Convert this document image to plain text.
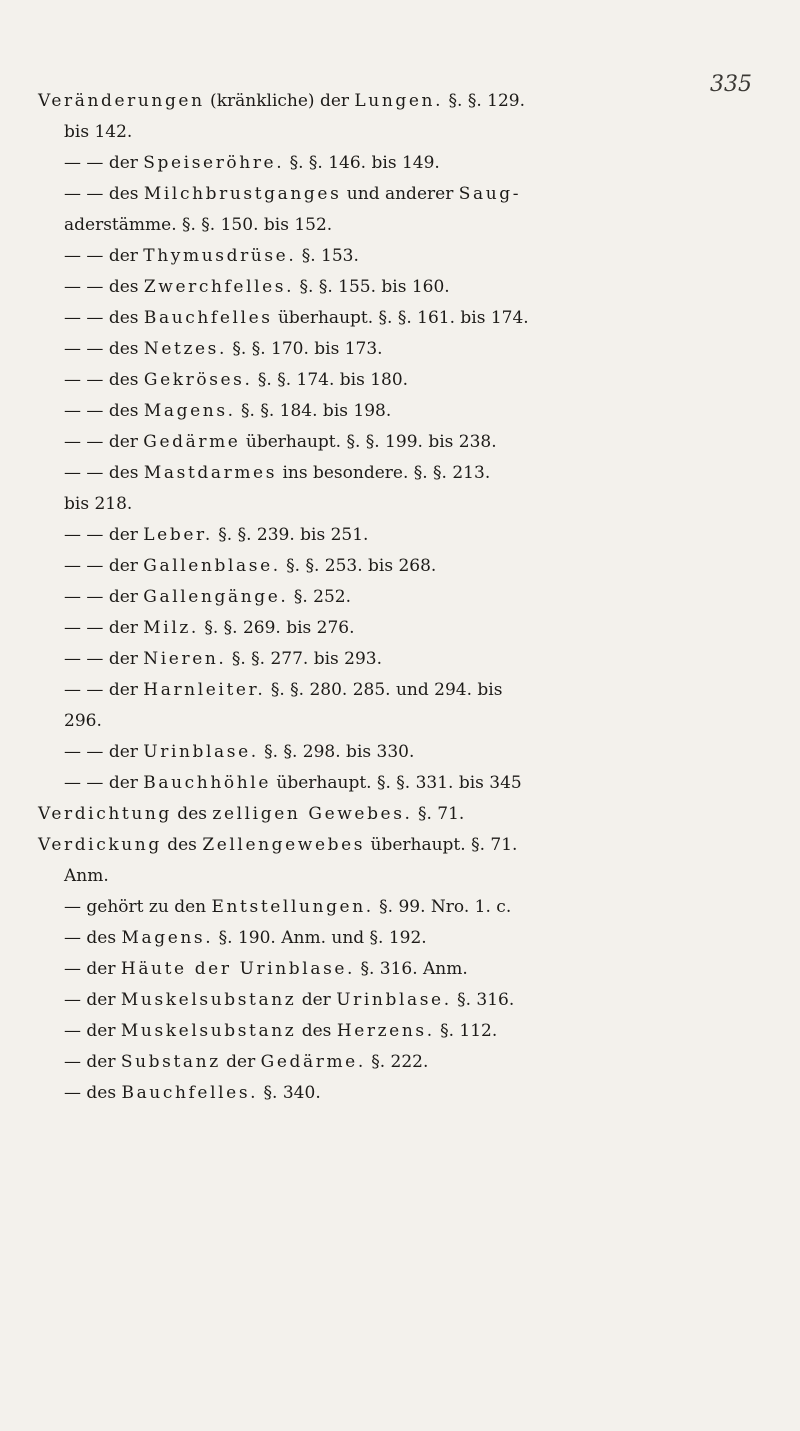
335
Veränderungen (kränkliche) der Lungen. §. §. 129.
bis 142.
— — der Speiseröhre. §. §. 146. bis 149.
— — des Milchbrustganges und anderer Saug-
aderstämme. §. §. 150. bis 152.
— — der Thymusdrüse. §. 153.
— — des Zwerchfelles. §. §. 155. bis 160.
— — des Bauchfelles überhaupt. §. §. 161. bis 174.
— — des Netzes. §. §. 170. bis 173.
— — des Gekröses. §. §. 174. bis 180.
— — des Magens. §. §. 184. bis 198.
— — der Gedärme überhaupt. §. §. 199. bis 238.
— — des Mastdarmes ins besondere. §. §. 213.
bis 218.
— — der Leber. §. §. 239. bis 251.
— — der Gallenblase. §. §. 253. bis 268.
— — der Gallengänge. §. 252.
— — der Milz. §. §. 269. bis 276.
— — der Nieren. §. §. 277. bis 293.
— — der Harnleiter. §. §. 280. 285. und 294. bis
296.
— — der Urinblase. §. §. 298. bis 330.
— — der Bauchhöhle überhaupt. §. §. 331. bis 345
Verdichtung des zelligen Gewebes. §. 71.
Verdickung des Zellengewebes überhaupt. §. 71.
Anm.
— gehört zu den Entstellungen. §. 99. Nro. 1. c.
— des Magens. §. 190. Anm. und §. 192.
— der Häute der Urinblase. §. 316. Anm.
— der Muskelsubstanz der Urinblase. §. 316.
— der Muskelsubstanz des Herzens. §. 112.
— der Substanz der Gedärme. §. 222.
— des Bauchfelles. §. 340.
